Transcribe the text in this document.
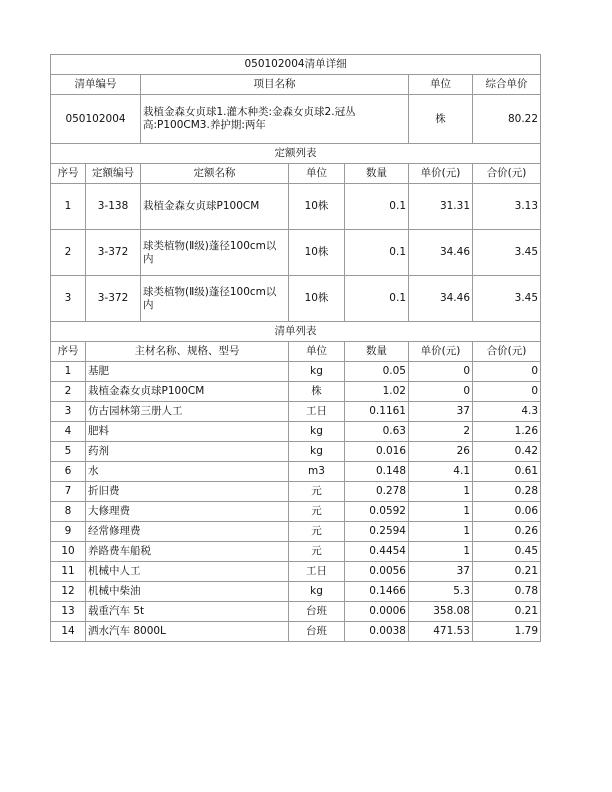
050102004清单详细						
清单编号		项目名称			单位	综合单价
050102004		栽植金森女贞球1.灌木种类:金森女贞球2.冠丛高:P100CM3.养护期:两年			株	80.22
定额列表						
序号	定额编号	定额名称	单位	数量	单价(元)	合价(元)
1	3-138	栽植金森女贞球P100CM	10株	0.1	31.31	3.13
2	3-372	球类植物(Ⅱ级)蓬径100cm以内	10株	0.1	34.46	3.45
3	3-372	球类植物(Ⅱ级)蓬径100cm以内	10株	0.1	34.46	3.45
清单列表						
序号	主材名称、规格、型号		单位	数量	单价(元)	合价(元)
1	基肥		kg	0.05	0	0
2	栽植金森女贞球P100CM		株	1.02	0	0
3	仿古园林第三册人工		工日	0.1161	37	4.3
4	肥料		kg	0.63	2	1.26
5	药剂		kg	0.016	26	0.42
6	水		m3	0.148	4.1	0.61
7	折旧费		元	0.278	1	0.28
8	大修理费		元	0.0592	1	0.06
9	经常修理费		元	0.2594	1	0.26
10	养路费车船税		元	0.4454	1	0.45
11	机械中人工		工日	0.0056	37	0.21
12	机械中柴油		kg	0.1466	5.3	0.78
13	载重汽车 5t		台班	0.0006	358.08	0.21
14	洒水汽车 8000L		台班	0.0038	471.53	1.79
